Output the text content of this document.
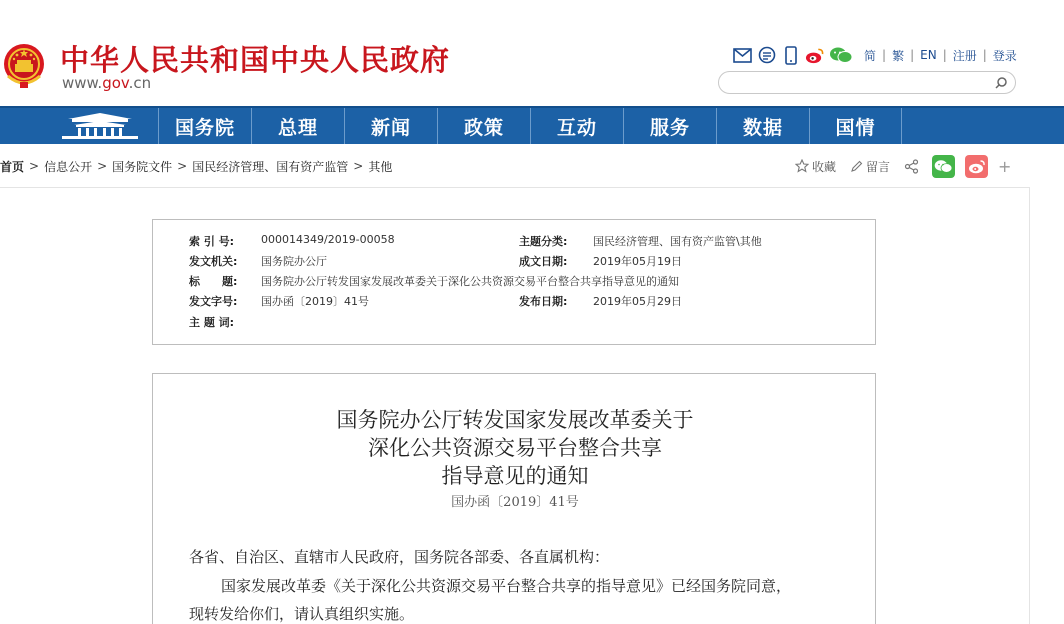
中华人民共和国中央人民政府
www.gov.cn
简 | 繁 | EN | 注册 | 登录
国务院	总理	新闻	政策	互动	服务	数据	国情
首页 > 信息公开 > 国务院文件 > 国民经济管理、国有资产监管 > 其他	收藏	留言	+
索 引 号: 000014349/2019-00058	主题分类: 国民经济管理、国有资产监管\其他
发文机关: 国务院办公厅	成文日期: 2019年05月19日
标　　题: 国务院办公厅转发国家发展改革委关于深化公共资源交易平台整合共享指导意见的通知
发文字号: 国办函〔2019〕41号	发布日期: 2019年05月29日
主 题 词:
国务院办公厅转发国家发展改革委关于
深化公共资源交易平台整合共享
指导意见的通知
国办函〔2019〕41号
各省、自治区、直辖市人民政府，国务院各部委、各直属机构：
国家发展改革委《关于深化公共资源交易平台整合共享的指导意见》已经国务院同意，
现转发给你们，请认真组织实施。
